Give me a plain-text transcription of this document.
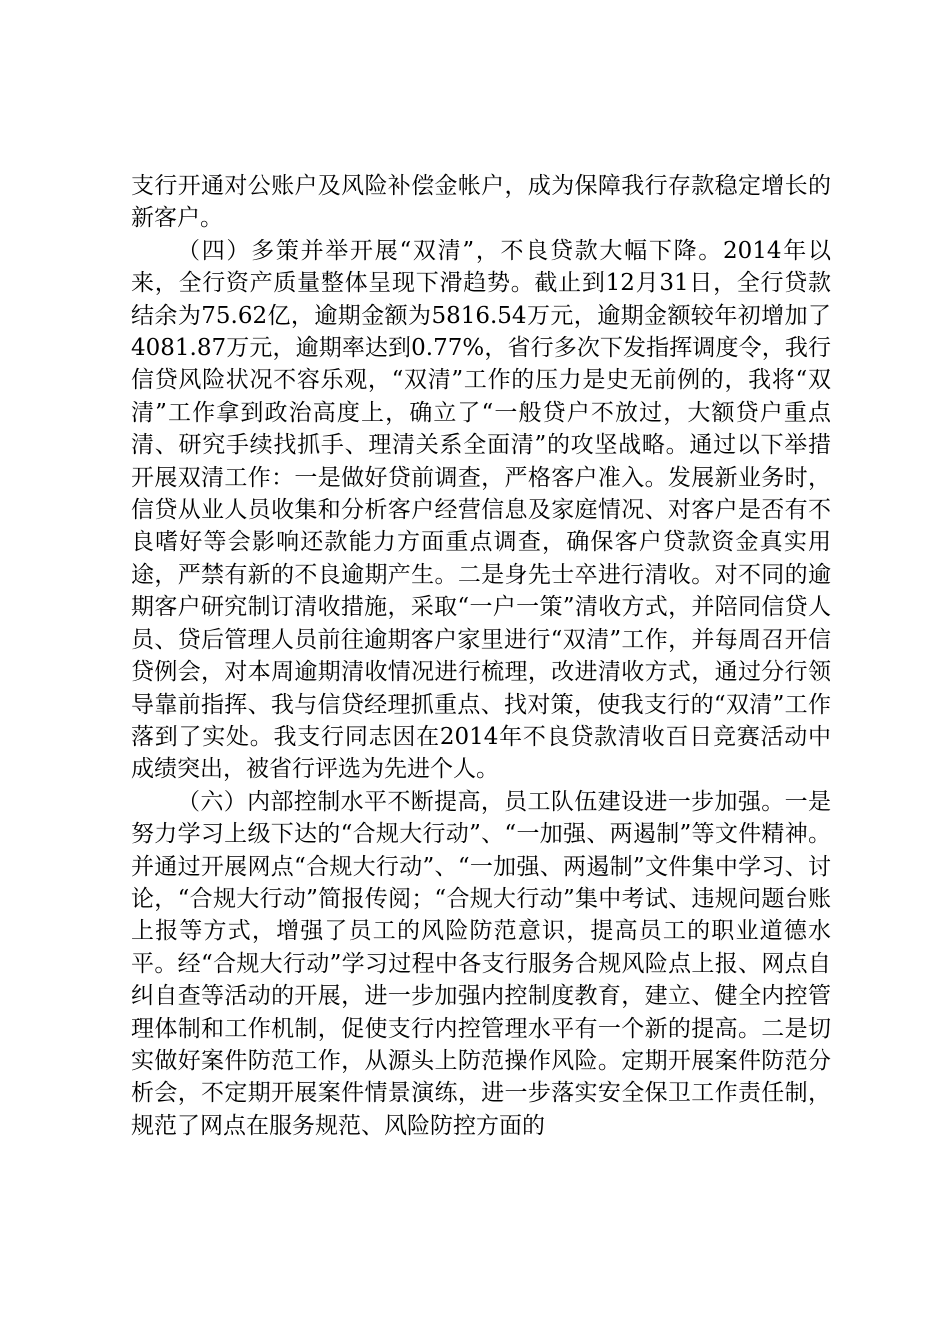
支行开通对公账户及风险补偿金帐户，成为保障我行存款稳定增长的新客户。

（四）多策并举开展“双清”，不良贷款大幅下降。2014年以来，全行资产质量整体呈现下滑趋势。截止到12月31日，全行贷款结余为75.62亿，逾期金额为5816.54万元，逾期金额较年初增加了4081.87万元，逾期率达到0.77%，省行多次下发指挥调度令，我行信贷风险状况不容乐观，“双清”工作的压力是史无前例的，我将“双清”工作拿到政治高度上，确立了“一般贷户不放过，大额贷户重点清、研究手续找抓手、理清关系全面清”的攻坚战略。通过以下举措开展双清工作：一是做好贷前调查，严格客户准入。发展新业务时，信贷从业人员收集和分析客户经营信息及家庭情况、对客户是否有不良嗜好等会影响还款能力方面重点调查，确保客户贷款资金真实用途，严禁有新的不良逾期产生。二是身先士卒进行清收。对不同的逾期客户研究制订清收措施，采取“一户一策”清收方式，并陪同信贷人员、贷后管理人员前往逾期客户家里进行“双清”工作，并每周召开信贷例会，对本周逾期清收情况进行梳理，改进清收方式，通过分行领导靠前指挥、我与信贷经理抓重点、找对策，使我支行的“双清”工作落到了实处。我支行同志因在2014年不良贷款清收百日竞赛活动中成绩突出，被省行评选为先进个人。

（六）内部控制水平不断提高，员工队伍建设进一步加强。一是努力学习上级下达的“合规大行动”、“一加强、两遏制”等文件精神。并通过开展网点“合规大行动”、“一加强、两遏制”文件集中学习、讨论，“合规大行动”简报传阅；“合规大行动”集中考试、违规问题台账上报等方式，增强了员工的风险防范意识，提高员工的职业道德水平。经“合规大行动”学习过程中各支行服务合规风险点上报、网点自纠自查等活动的开展，进一步加强内控制度教育，建立、健全内控管理体制和工作机制，促使支行内控管理水平有一个新的提高。二是切实做好案件防范工作，从源头上防范操作风险。定期开展案件防范分析会，不定期开展案件情景演练，进一步落实安全保卫工作责任制，规范了网点在服务规范、风险防控方面的
